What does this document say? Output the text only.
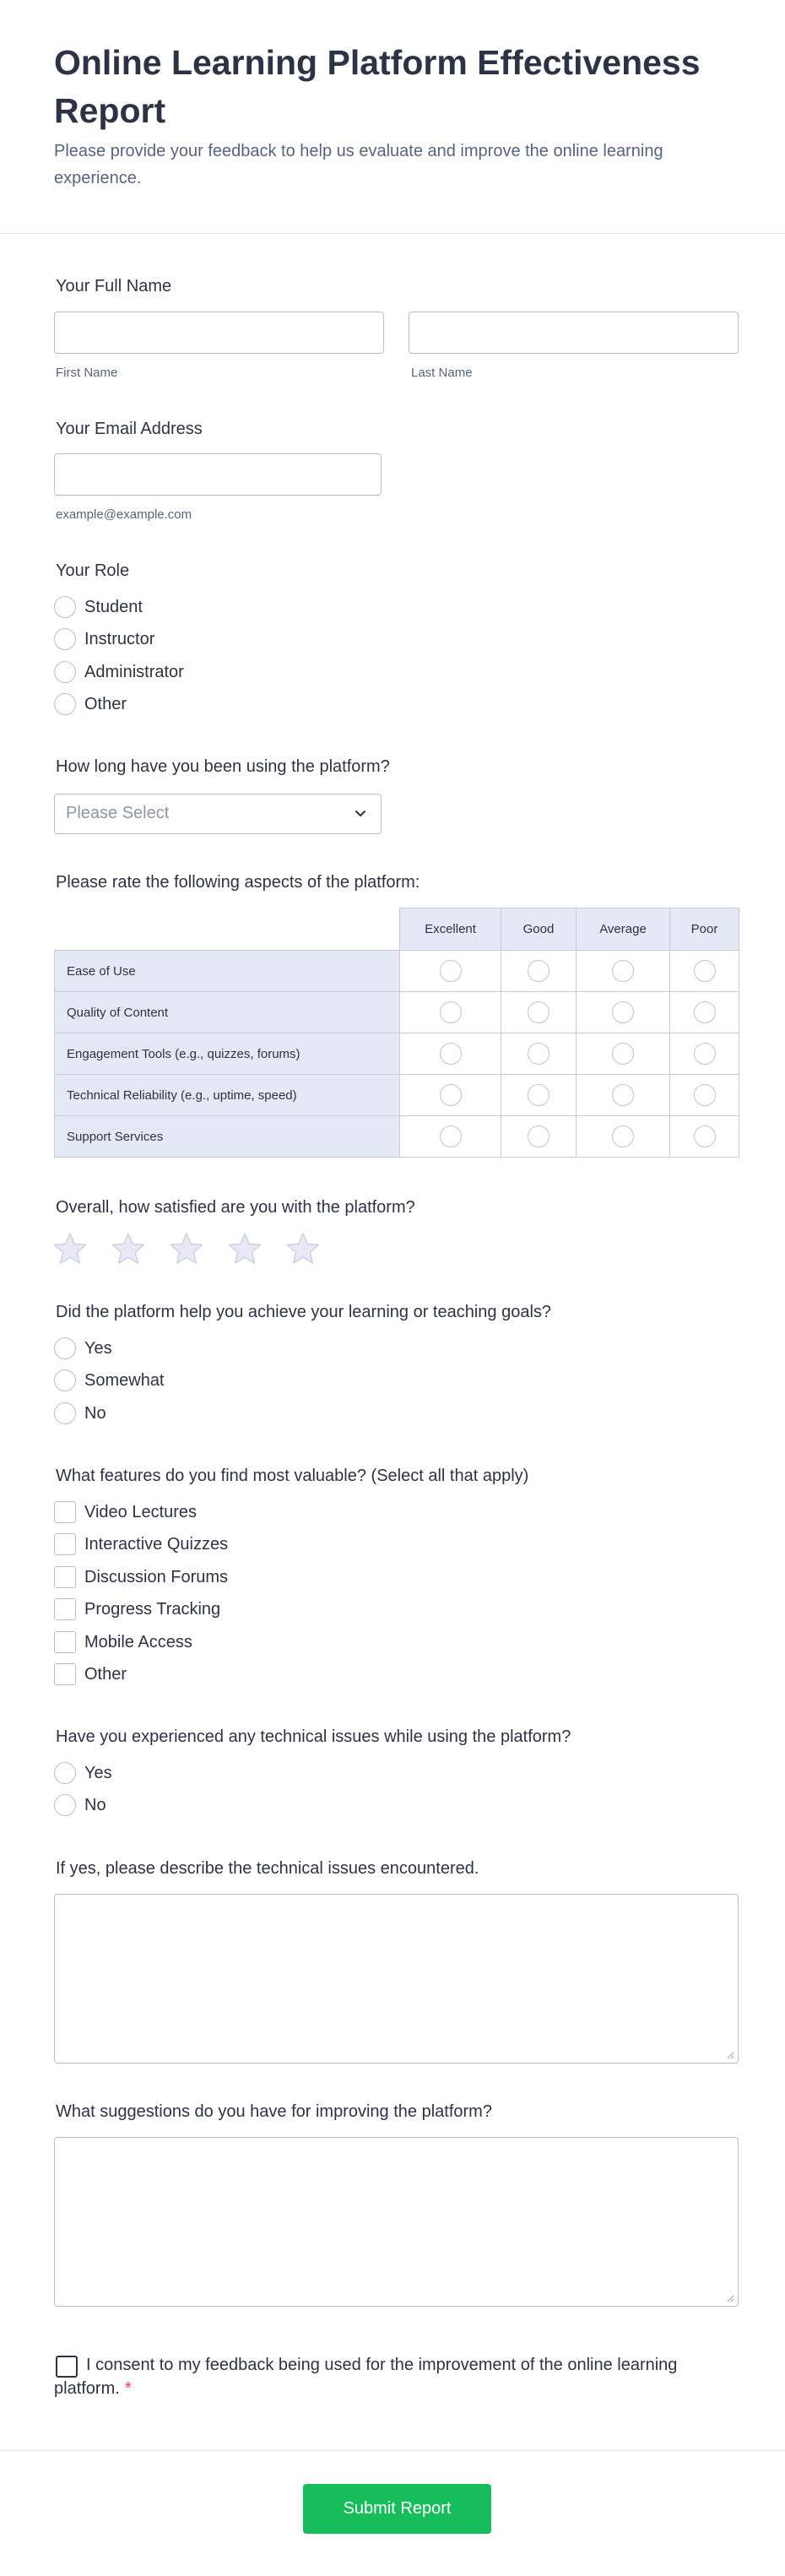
Online Learning Platform Effectiveness Report

Please provide your feedback to help us evaluate and improve the online learning experience.

Your Full Name
First Name	Last Name
Your Email Address
example@example.com
Your Role
Student
Instructor
Administrator
Other
How long have you been using the platform?
Please Select
Please rate the following aspects of the platform:
	Excellent	Good	Average	Poor
Ease of Use				
Quality of Content				
Engagement Tools (e.g., quizzes, forums)				
Technical Reliability (e.g., uptime, speed)				
Support Services				
Overall, how satisfied are you with the platform?
Did the platform help you achieve your learning or teaching goals?
Yes
Somewhat
No
What features do you find most valuable? (Select all that apply)
Video Lectures
Interactive Quizzes
Discussion Forums
Progress Tracking
Mobile Access
Other
Have you experienced any technical issues while using the platform?
Yes
No
If yes, please describe the technical issues encountered.
What suggestions do you have for improving the platform?
I consent to my feedback being used for the improvement of the online learning platform. *
Submit Report
